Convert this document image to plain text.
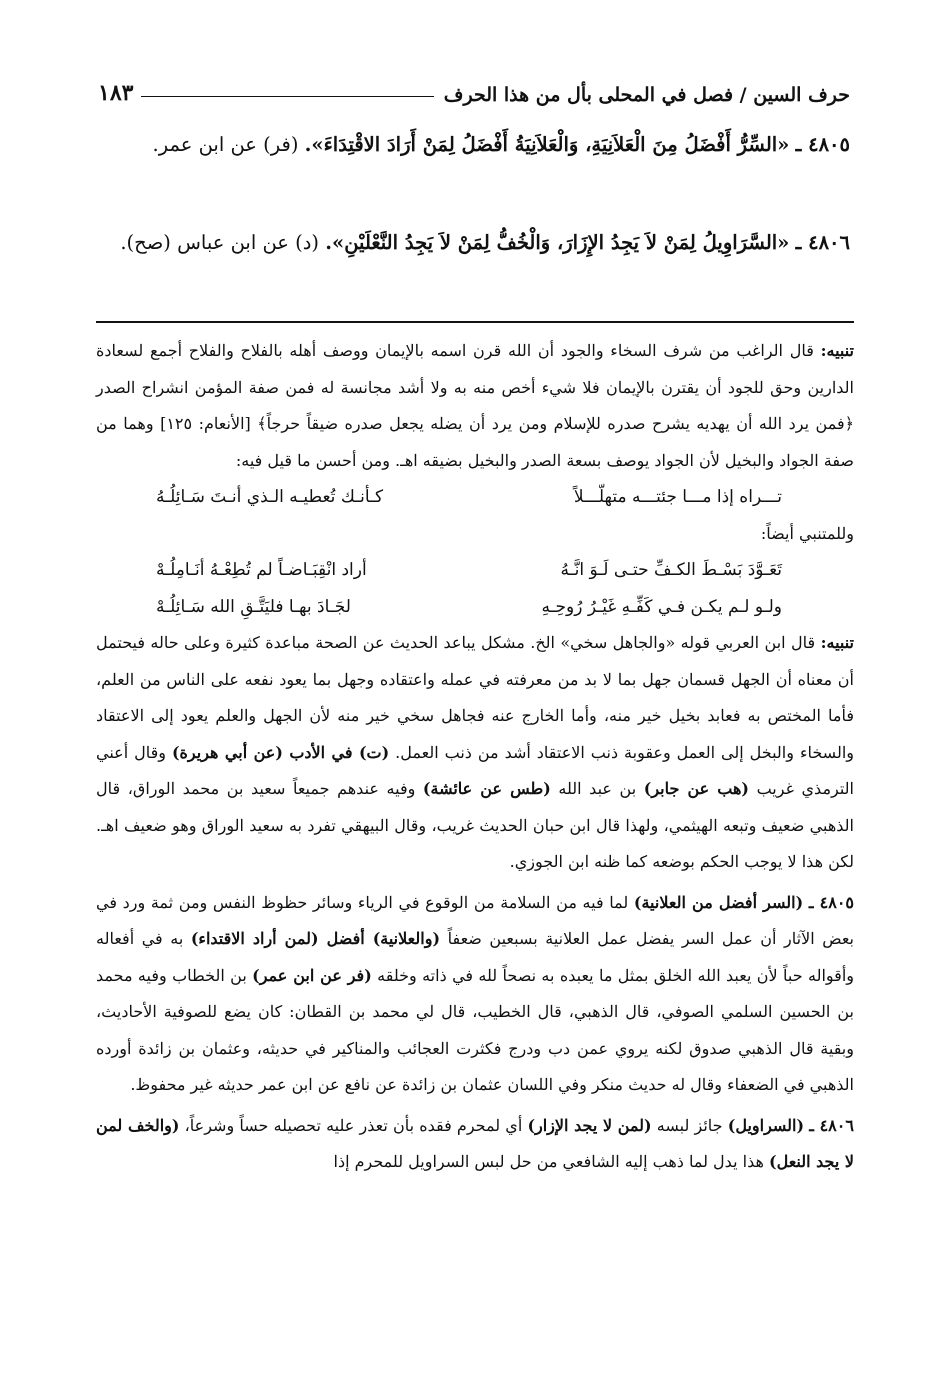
حرف السين / فصل في المحلى بأل من هذا الحرف
١٨٣
٤٨٠٥ ـ «السِّرُّ أَفْضَلُ مِنَ الْعَلاَنِيَةِ، وَالْعَلاَنِيَةُ أَفْضَلُ لِمَنْ أَرَادَ الاقْتِدَاءَ». (فر) عن ابن عمر.
٤٨٠٦ ـ «السَّرَاوِيلُ لِمَنْ لاَ يَجِدُ الإِزَارَ، وَالْخُفُّ لِمَنْ لاَ يَجِدُ النَّعْلَيْنِ». (د) عن ابن عباس (صح).

تنبيه: قال الراغب من شرف السخاء والجود أن الله قرن اسمه بالإيمان ووصف أهله بالفلاح والفلاح أجمع لسعادة الدارين وحق للجود أن يقترن بالإيمان فلا شيء أخص منه به ولا أشد مجانسة له فمن صفة المؤمن انشراح الصدر ﴿فمن يرد الله أن يهديه يشرح صدره للإسلام ومن يرد أن يضله يجعل صدره ضيقاً حرجاً﴾ [الأنعام: ١٢٥] وهما من صفة الجواد والبخيل لأن الجواد يوصف بسعة الصدر والبخيل بضيقه اهـ. ومن أحسن ما قيل فيه:

تـــراه إذا مـــا جئتـــه متهلّـــلاً
كـأنـك تُعطيـه الـذي أنـتَ سَـائِلُـهُ

وللمتنبي أيضاً:

تَعَـوَّدَ بَسْـطَ الكـفِّ حتـى لَـوَ انَّـهُ
أراد انْقِبَـاضـاً لم تُطِعْـهُ أنَـامِلُـهْ
ولـو لـم يكـن فـي كَفِّـهِ غَيْـرُ رُوحِـهِ
لجَـادَ بهـا فليَتَّـقِ الله سَـائِلُـهْ

تنبيه: قال ابن العربي قوله «والجاهل سخي» الخ. مشكل يباعد الحديث عن الصحة مباعدة كثيرة وعلى حاله فيحتمل أن معناه أن الجهل قسمان جهل بما لا بد من معرفته في عمله واعتقاده وجهل بما يعود نفعه على الناس من العلم، فأما المختص به فعابد بخيل خير منه، وأما الخارج عنه فجاهل سخي خير منه لأن الجهل والعلم يعود إلى الاعتقاد والسخاء والبخل إلى العمل وعقوبة ذنب الاعتقاد أشد من ذنب العمل. (ت) في الأدب (عن أبي هريرة) وقال أعني الترمذي غريب (هب عن جابر) بن عبد الله (طس عن عائشة) وفيه عندهم جميعاً سعيد بن محمد الوراق، قال الذهبي ضعيف وتبعه الهيثمي، ولهذا قال ابن حبان الحديث غريب، وقال البيهقي تفرد به سعيد الوراق وهو ضعيف اهـ. لكن هذا لا يوجب الحكم بوضعه كما ظنه ابن الجوزي.

٤٨٠٥ ـ (السر أفضل من العلانية) لما فيه من السلامة من الوقوع في الرياء وسائر حظوظ النفس ومن ثمة ورد في بعض الآثار أن عمل السر يفضل عمل العلانية بسبعين ضعفاً (والعلانية) أفضل (لمن أراد الاقتداء) به في أفعاله وأقواله حباً لأن يعبد الله الخلق بمثل ما يعبده به نصحاً لله في ذاته وخلقه (فر عن ابن عمر) بن الخطاب وفيه محمد بن الحسين السلمي الصوفي، قال الذهبي، قال الخطيب، قال لي محمد بن القطان: كان يضع للصوفية الأحاديث، وبقية قال الذهبي صدوق لكنه يروي عمن دب ودرج فكثرت العجائب والمناكير في حديثه، وعثمان بن زائدة أورده الذهبي في الضعفاء وقال له حديث منكر وفي اللسان عثمان بن زائدة عن نافع عن ابن عمر حديثه غير محفوظ.

٤٨٠٦ ـ (السراويل) جائز لبسه (لمن لا يجد الإزار) أي لمحرم فقده بأن تعذر عليه تحصيله حساً وشرعاً، (والخف لمن لا يجد النعل) هذا يدل لما ذهب إليه الشافعي من حل لبس السراويل للمحرم إذا
